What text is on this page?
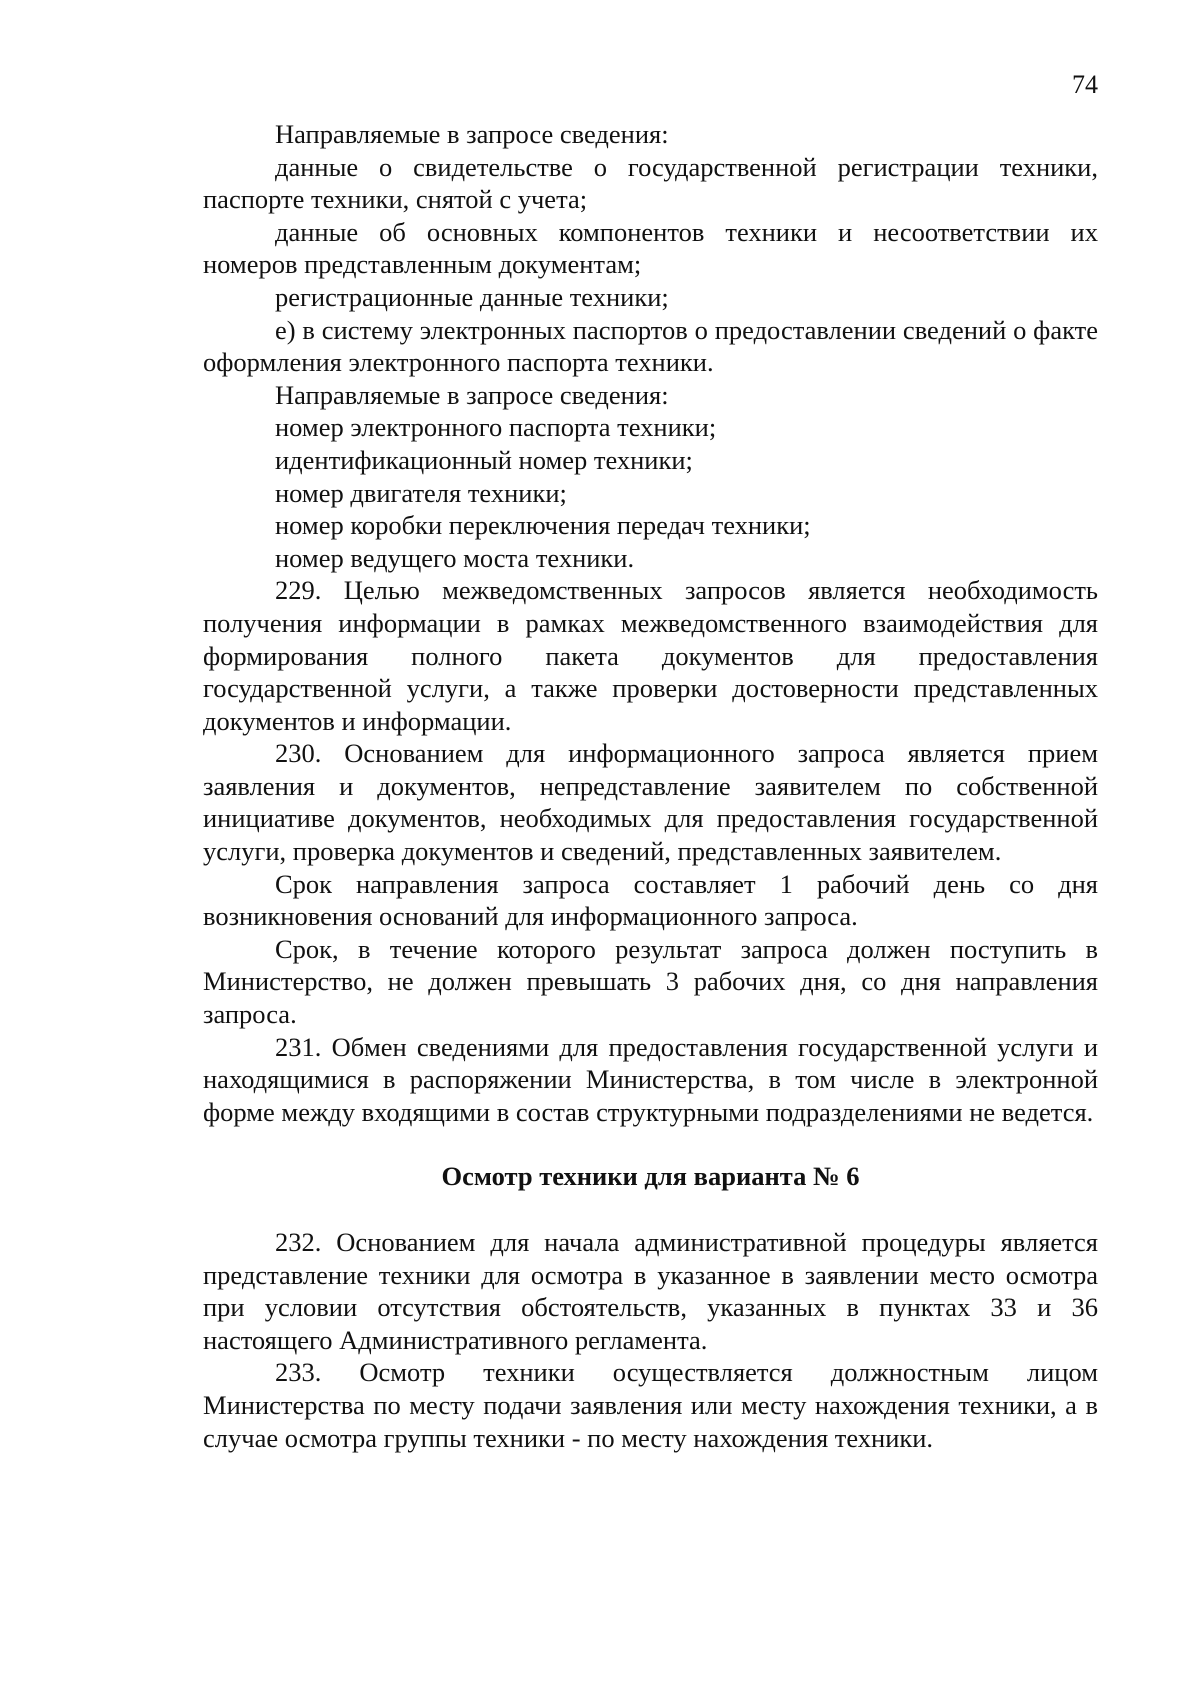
74

Направляемые в запросе сведения:

данные о свидетельстве о государственной регистрации техники, паспорте техники, снятой с учета;

данные об основных компонентов техники и несоответствии их номеров представленным документам;

регистрационные данные техники;

е) в систему электронных паспортов о предоставлении сведений о факте оформления электронного паспорта техники.

Направляемые в запросе сведения:

номер электронного паспорта техники;

идентификационный номер техники;

номер двигателя техники;

номер коробки переключения передач техники;

номер ведущего моста техники.

229. Целью межведомственных запросов является необходимость получения информации в рамках межведомственного взаимодействия для формирования полного пакета документов для предоставления государственной услуги, а также проверки достоверности представленных документов и информации.

230. Основанием для информационного запроса является прием заявления и документов, непредставление заявителем по собственной инициативе документов, необходимых для предоставления государственной услуги, проверка документов и сведений, представленных заявителем.

Срок направления запроса составляет 1 рабочий день со дня возникновения оснований для информационного запроса.

Срок, в течение которого результат запроса должен поступить в Министерство, не должен превышать 3 рабочих дня, со дня направления запроса.

231. Обмен сведениями для предоставления государственной услуги и находящимися в распоряжении Министерства, в том числе в электронной форме между входящими в состав структурными подразделениями не ведется.

Осмотр техники для варианта № 6

232. Основанием для начала административной процедуры является представление техники для осмотра в указанное в заявлении место осмотра при условии отсутствия обстоятельств, указанных в пунктах 33 и 36 настоящего Административного регламента.

233. Осмотр техники осуществляется должностным лицом Министерства по месту подачи заявления или месту нахождения техники, а в случае осмотра группы техники - по месту нахождения техники.
